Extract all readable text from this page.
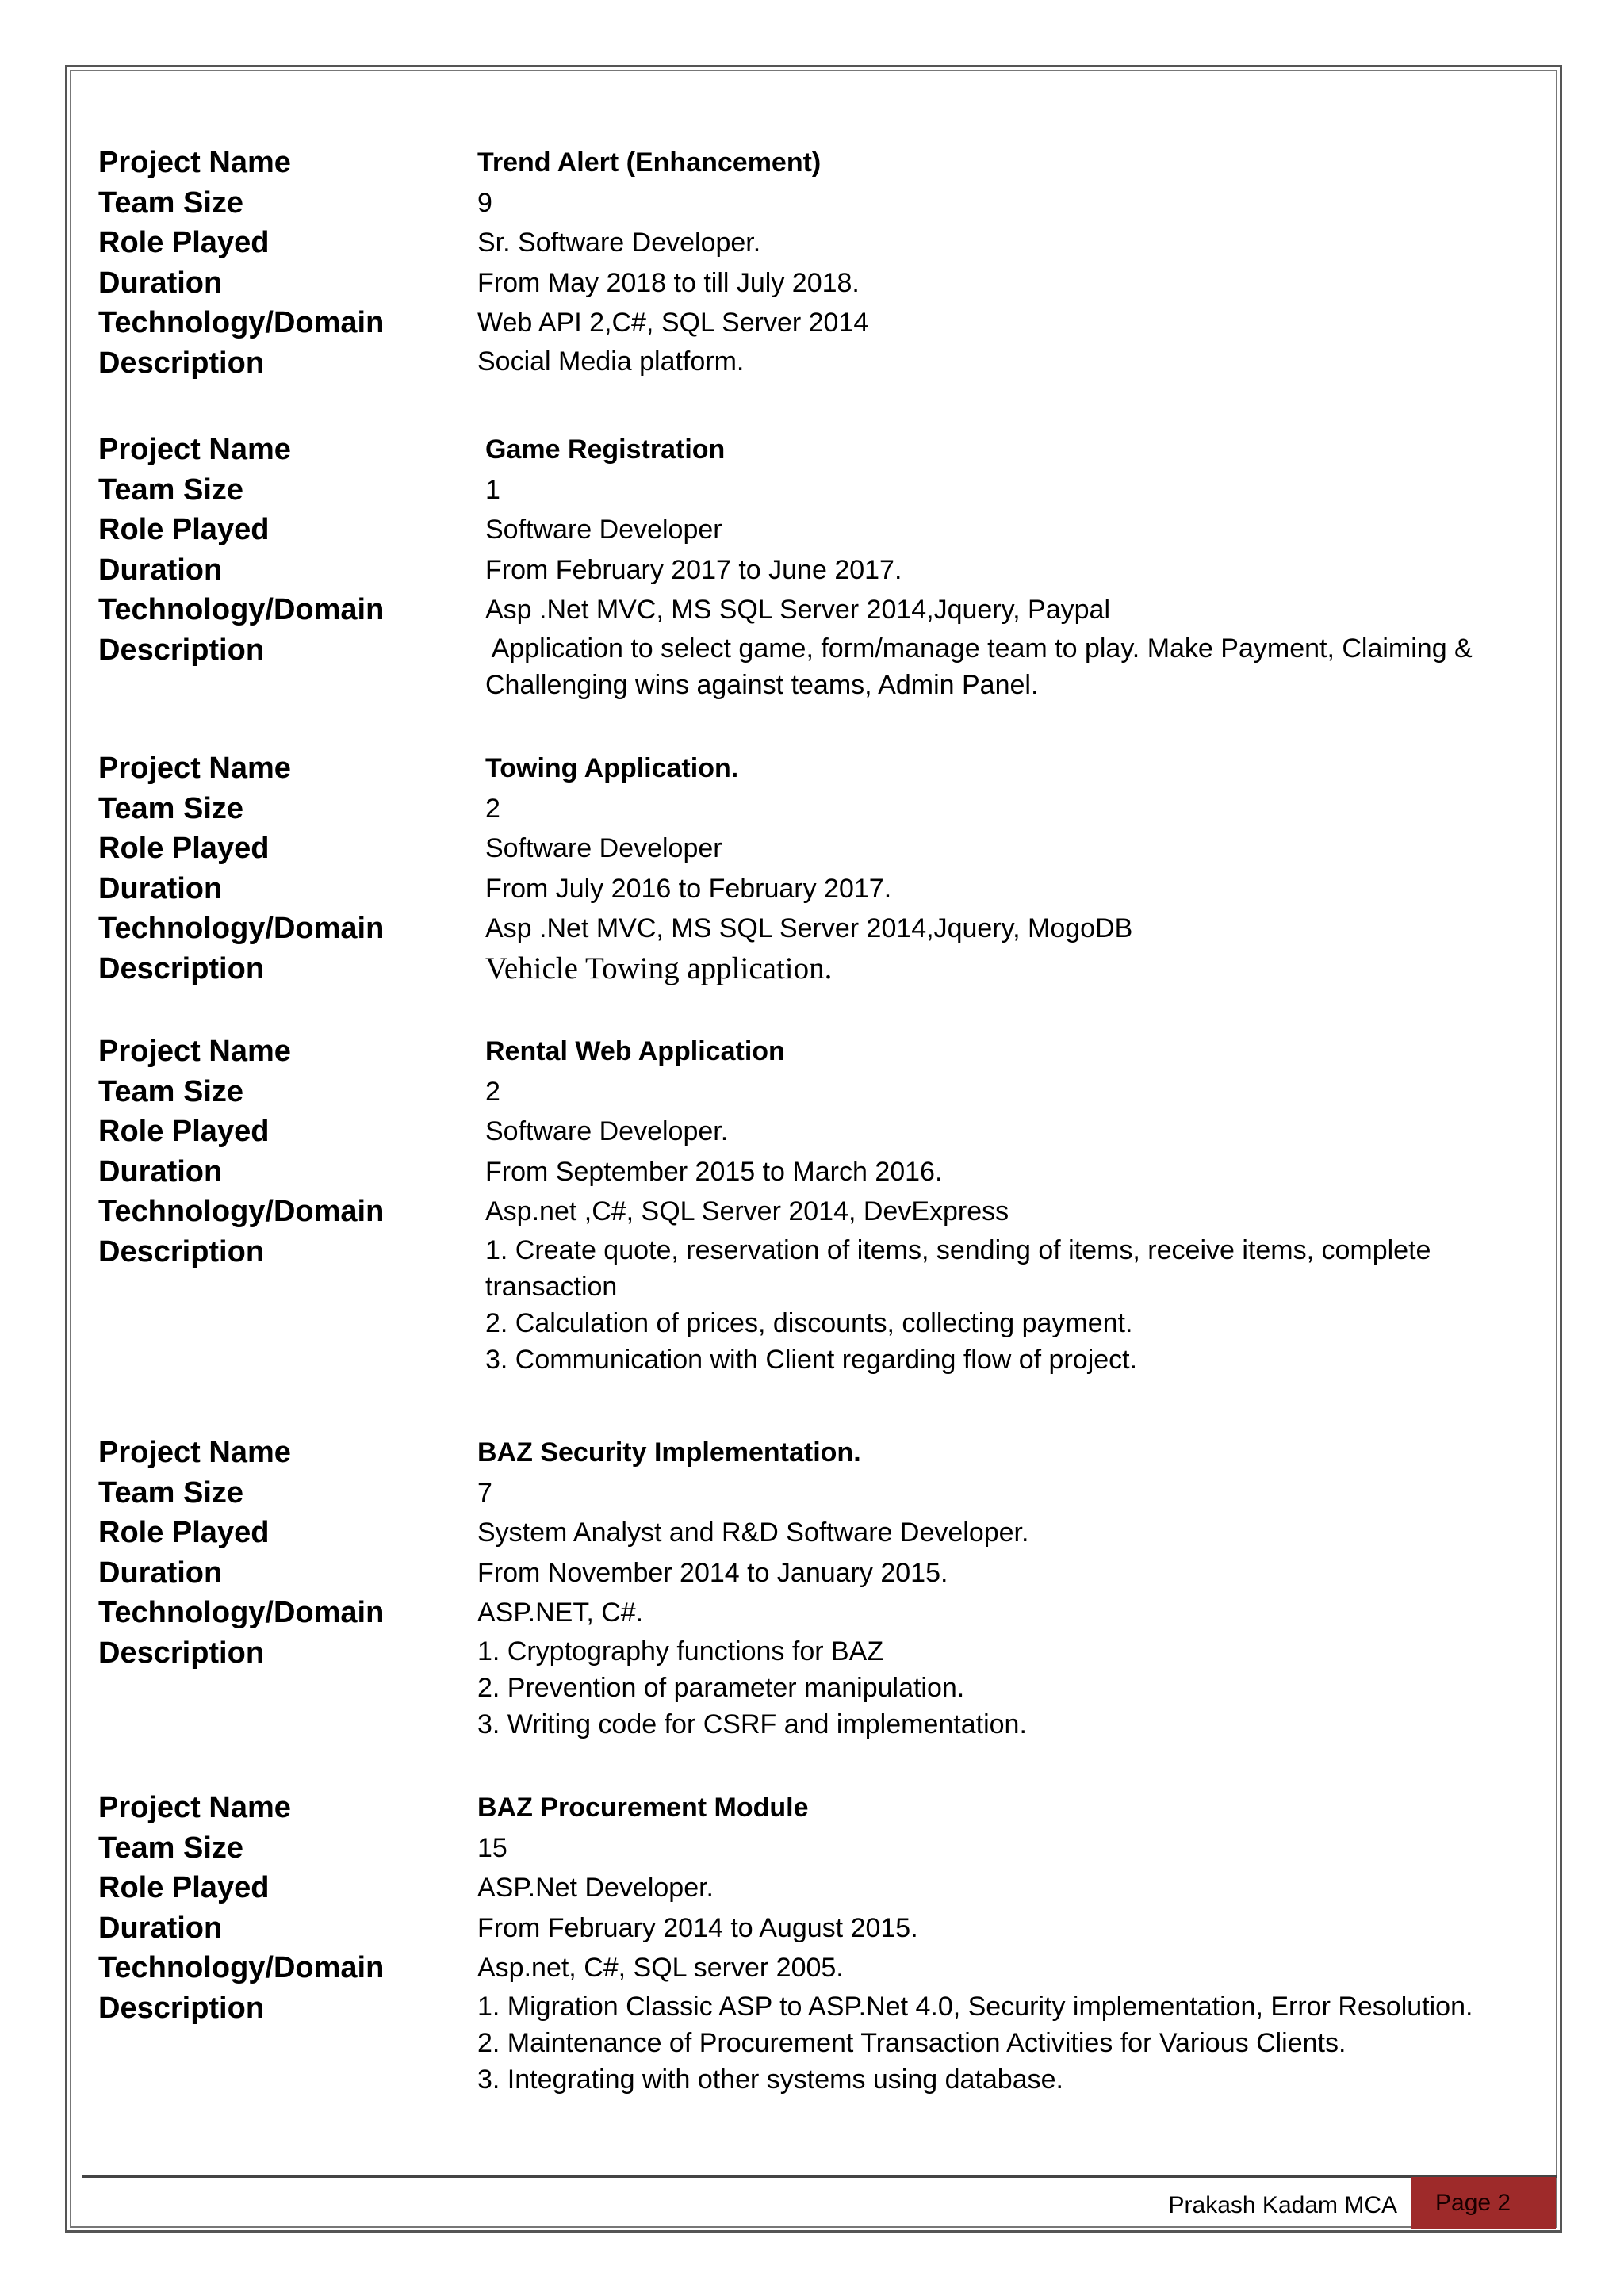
Project Name	Trend Alert (Enhancement)
Team Size	9
Role Played	Sr. Software Developer.
Duration	From May 2018 to till July 2018.
Technology/Domain	Web API 2,C#, SQL Server 2014
Description	Social Media platform.
Project Name	Game Registration
Team Size	1
Role Played	Software Developer
Duration	From February 2017 to June 2017.
Technology/Domain	Asp .Net MVC, MS SQL Server 2014,Jquery, Paypal
Description	Application to select game, form/manage team to play. Make Payment, Claiming &
Challenging wins against teams, Admin Panel.
Project Name	Towing Application.
Team Size	2
Role Played	Software Developer
Duration	From July 2016 to February 2017.
Technology/Domain	Asp .Net MVC, MS SQL Server 2014,Jquery, MogoDB
Description	Vehicle Towing application.
Project Name	Rental Web Application
Team Size	2
Role Played	Software Developer.
Duration	From September 2015 to March 2016.
Technology/Domain	Asp.net ,C#, SQL Server 2014, DevExpress
Description	1. Create quote, reservation of items, sending of items, receive items, complete
transaction
2. Calculation of prices, discounts, collecting payment.
3. Communication with Client regarding flow of project.
Project Name	BAZ Security Implementation.
Team Size	7
Role Played	System Analyst and R&D Software Developer.
Duration	From November 2014 to January 2015.
Technology/Domain	ASP.NET, C#.
Description	1. Cryptography functions for BAZ
2. Prevention of parameter manipulation.
3. Writing code for CSRF and implementation.
Project Name	BAZ Procurement Module
Team Size	15
Role Played	ASP.Net Developer.
Duration	From February 2014 to August 2015.
Technology/Domain	Asp.net, C#, SQL server 2005.
Description	1. Migration Classic ASP to ASP.Net 4.0, Security implementation, Error Resolution.
2. Maintenance of Procurement Transaction Activities for Various Clients.
3. Integrating with other systems using database.
Prakash Kadam MCA	Page 2
